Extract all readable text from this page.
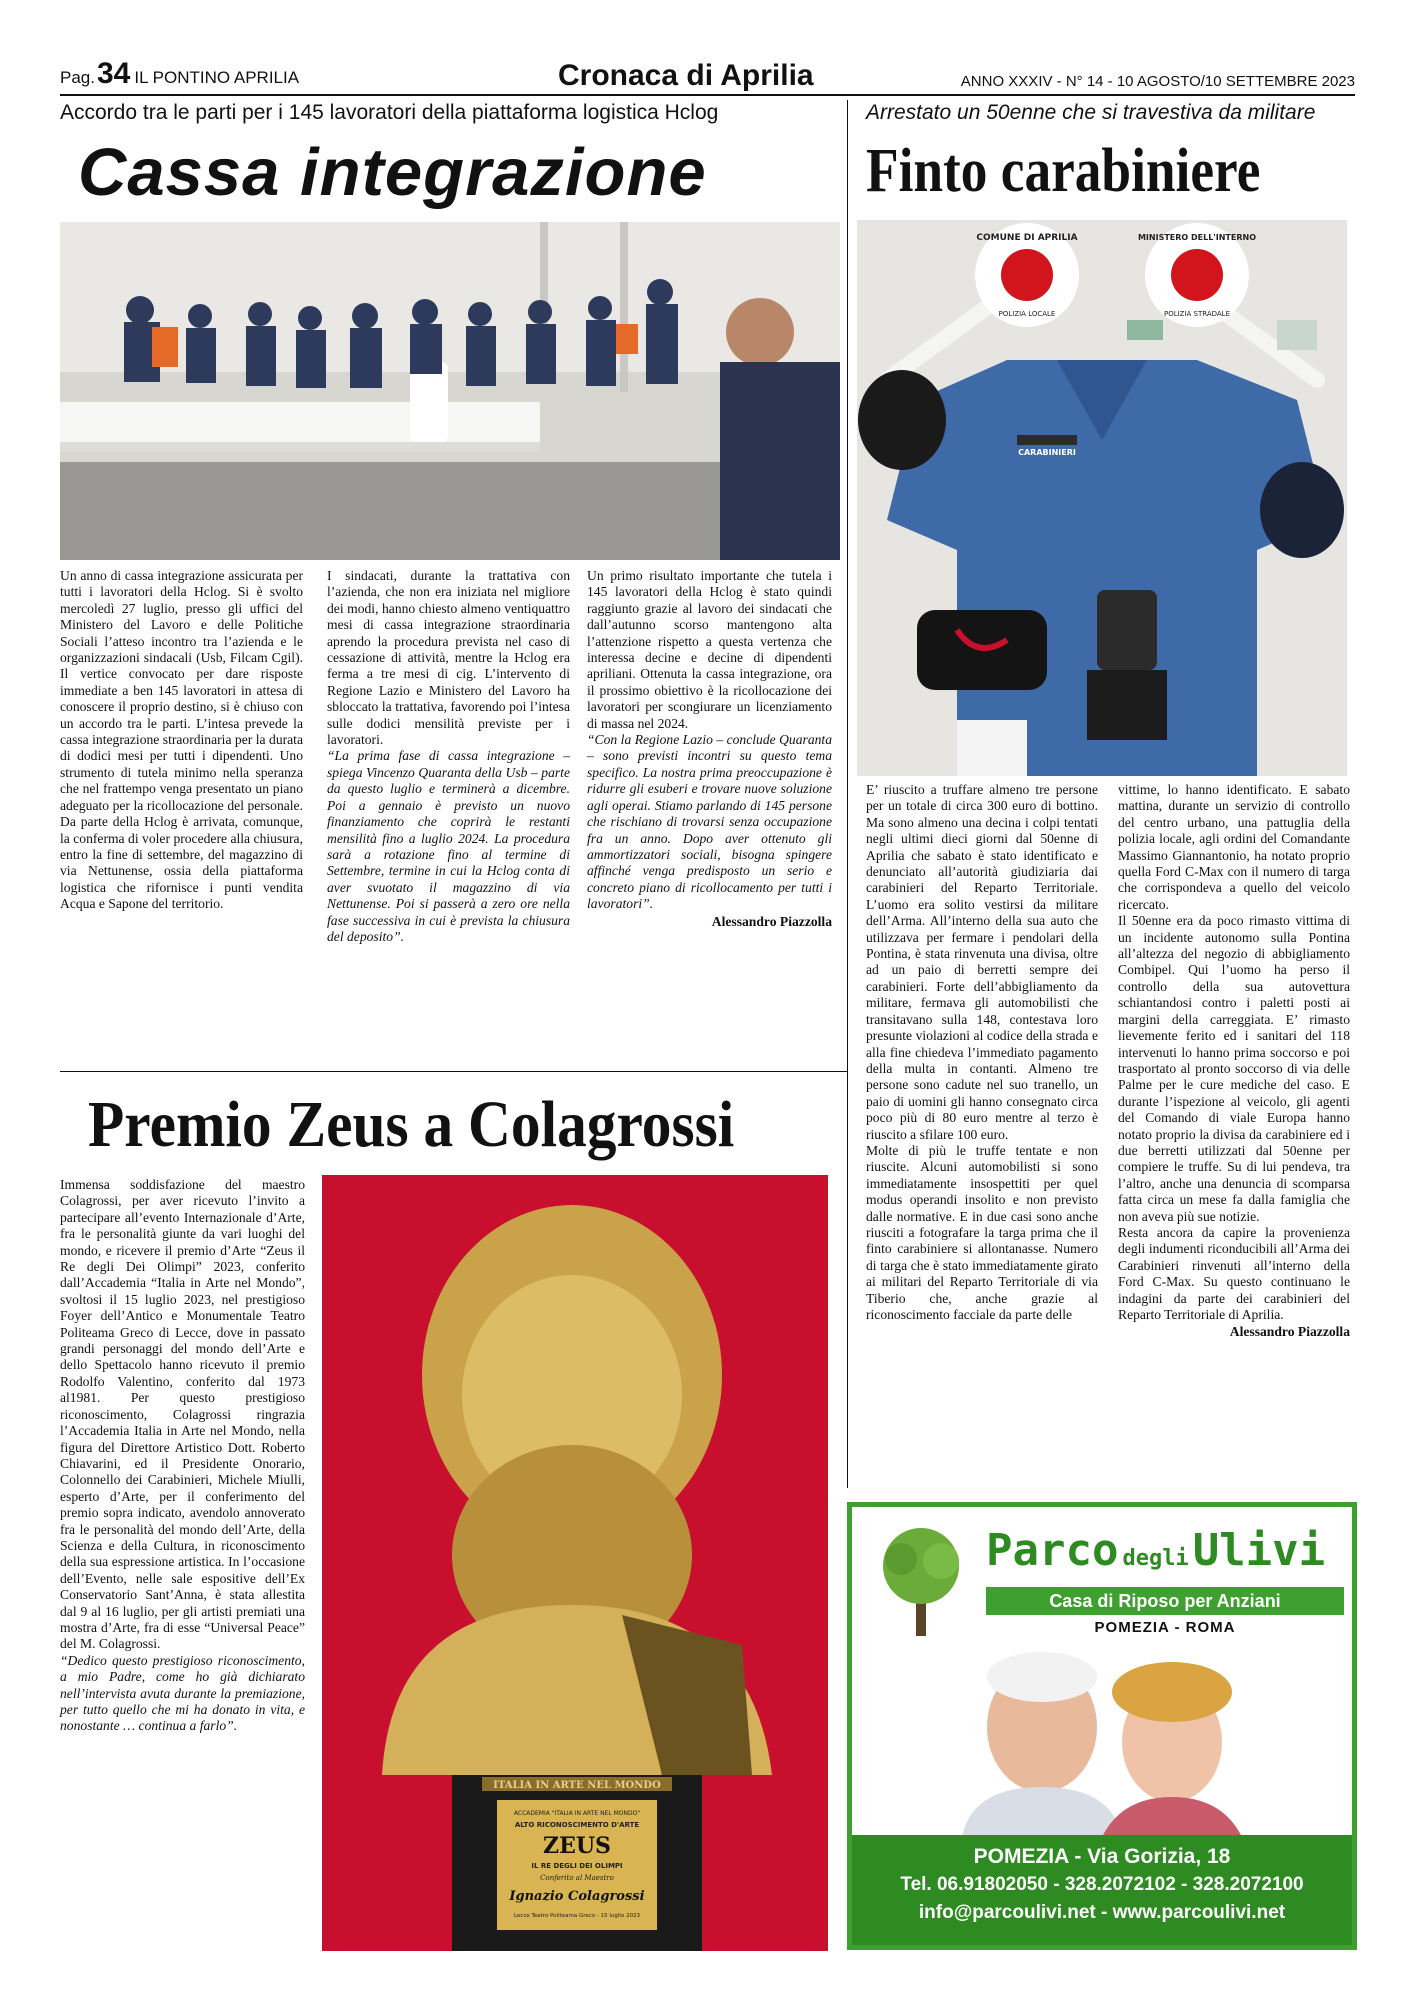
Pag.34 IL PONTINO APRILIA	Cronaca di Aprilia	ANNO XXXIV - N° 14 - 10 AGOSTO/10 SETTEMBRE 2023
Accordo tra le parti per i 145 lavoratori della piattaforma logistica Hclog
Cassa integrazione

Un anno di cassa integrazione assicurata per tutti i lavoratori della Hclog. Si è svolto mercoledì 27 luglio, presso gli uffici del Ministero del Lavoro e delle Politiche Sociali l’atteso incontro tra l’azienda e le organizzazioni sindacali (Usb, Filcam Cgil). Il vertice convocato per dare risposte immediate a ben 145 lavoratori in attesa di conoscere il proprio destino, si è chiuso con un accordo tra le parti. L’intesa prevede la cassa integrazione straordinaria per la durata di dodici mesi per tutti i dipendenti. Uno strumento di tutela minimo nella speranza che nel frattempo venga presentato un piano adeguato per la ricollocazione del personale. Da parte della Hclog è arrivata, comunque, la conferma di voler procedere alla chiusura, entro la fine di settembre, del magazzino di via Nettunense, ossia della piattaforma logistica che rifornisce i punti vendita Acqua e Sapone del territorio.

I sindacati, durante la trattativa con l’azienda, che non era iniziata nel migliore dei modi, hanno chiesto almeno ventiquattro mesi di cassa integrazione straordinaria aprendo la procedura prevista nel caso di cessazione di attività, mentre la Hclog era ferma a tre mesi di cig. L’intervento di Regione Lazio e Ministero del Lavoro ha sbloccato la trattativa, favorendo poi l’intesa sulle dodici mensilità previste per i lavoratori.

“La prima fase di cassa integrazione – spiega Vincenzo Quaranta della Usb – parte da questo luglio e terminerà a dicembre. Poi a gennaio è previsto un nuovo finanziamento che coprirà le restanti mensilità fino a luglio 2024. La procedura sarà a rotazione fino al termine di Settembre, termine in cui la Hclog conta di aver svuotato il magazzino di via Nettunense. Poi si passerà a zero ore nella fase successiva in cui è prevista la chiusura del deposito”.

Un primo risultato importante che tutela i 145 lavoratori della Hclog è stato quindi raggiunto grazie al lavoro dei sindacati che dall’autunno scorso mantengono alta l’attenzione rispetto a questa vertenza che interessa decine e decine di dipendenti apriliani. Ottenuta la cassa integrazione, ora il prossimo obiettivo è la ricollocazione dei lavoratori per scongiurare un licenziamento di massa nel 2024.

“Con la Regione Lazio – conclude Quaranta – sono previsti incontri su questo tema specifico. La nostra prima preoccupazione è ridurre gli esuberi e trovare nuove soluzione agli operai. Stiamo parlando di 145 persone che rischiano di trovarsi senza occupazione fra un anno. Dopo aver ottenuto gli ammortizzatori sociali, bisogna spingere affinché venga predisposto un serio e concreto piano di ricollocamento per tutti i lavoratori”.

Alessandro Piazzolla
Arrestato un 50enne che si travestiva da militare
Finto carabiniere
COMUNE DI APRILIA
POLIZIA LOCALE
MINISTERO DELL'INTERNO
POLIZIA STRADALE
CARABINIERI

E’ riuscito a truffare almeno tre persone per un totale di circa 300 euro di bottino. Ma sono almeno una decina i colpi tentati negli ultimi dieci giorni dal 50enne di Aprilia che sabato è stato identificato e denunciato all’autorità giudiziaria dai carabinieri del Reparto Territoriale. L’uomo era solito vestirsi da militare dell’Arma. All’interno della sua auto che utilizzava per fermare i pendolari della Pontina, è stata rinvenuta una divisa, oltre ad un paio di berretti sempre dei carabinieri. Forte dell’abbigliamento da militare, fermava gli automobilisti che transitavano sulla 148, contestava loro presunte violazioni al codice della strada e alla fine chiedeva l’immediato pagamento della multa in contanti. Almeno tre persone sono cadute nel suo tranello, un paio di uomini gli hanno consegnato circa poco più di 80 euro mentre al terzo è riuscito a sfilare 100 euro.

Molte di più le truffe tentate e non riuscite. Alcuni automobilisti si sono immediatamente insospettiti per quel modus operandi insolito e non previsto dalle normative. E in due casi sono anche riusciti a fotografare la targa prima che il finto carabiniere si allontanasse. Numero di targa che è stato immediatamente girato ai militari del Reparto Territoriale di via Tiberio che, anche grazie al riconoscimento facciale da parte delle

vittime, lo hanno identificato. E sabato mattina, durante un servizio di controllo del centro urbano, una pattuglia della polizia locale, agli ordini del Comandante Massimo Giannantonio, ha notato proprio quella Ford C-Max con il numero di targa che corrispondeva a quello del veicolo ricercato.

Il 50enne era da poco rimasto vittima di un incidente autonomo sulla Pontina all’altezza del negozio di abbigliamento Combipel. Qui l’uomo ha perso il controllo della sua autovettura schiantandosi contro i paletti posti ai margini della carreggiata. E’ rimasto lievemente ferito ed i sanitari del 118 intervenuti lo hanno prima soccorso e poi trasportato al pronto soccorso di via delle Palme per le cure mediche del caso. E durante l’ispezione al veicolo, gli agenti del Comando di viale Europa hanno notato proprio la divisa da carabiniere ed i due berretti utilizzati dal 50enne per compiere le truffe. Su di lui pendeva, tra l’altro, anche una denuncia di scomparsa fatta circa un mese fa dalla famiglia che non aveva più sue notizie.

Resta ancora da capire la provenienza degli indumenti riconducibili all’Arma dei Carabinieri rinvenuti all’interno della Ford C-Max. Su questo continuano le indagini da parte dei carabinieri del Reparto Territoriale di Aprilia.

Alessandro Piazzolla
Premio Zeus a Colagrossi

Immensa soddisfazione del maestro Colagrossi, per aver ricevuto l’invito a partecipare all’evento Internazionale d’Arte, fra le personalità giunte da vari luoghi del mondo, e ricevere il premio d’Arte “Zeus il Re degli Dei Olimpi” 2023, conferito dall’Accademia “Italia in Arte nel Mondo”, svoltosi il 15 luglio 2023, nel prestigioso Foyer dell’Antico e Monumentale Teatro Politeama Greco di Lecce, dove in passato grandi personaggi del mondo dell’Arte e dello Spettacolo hanno ricevuto il premio Rodolfo Valentino, conferito dal 1973 al1981. Per questo prestigioso riconoscimento, Colagrossi ringrazia l’Accademia Italia in Arte nel Mondo, nella figura del Direttore Artistico Dott. Roberto Chiavarini, ed il Presidente Onorario, Colonnello dei Carabinieri, Michele Miulli, esperto d’Arte, per il conferimento del premio sopra indicato, avendolo annoverato fra le personalità del mondo dell’Arte, della Scienza e della Cultura, in riconoscimento della sua espressione artistica. In l’occasione dell’Evento, nelle sale espositive dell’Ex Conservatorio Sant’Anna, è stata allestita dal 9 al 16 luglio, per gli artisti premiati una mostra d’Arte, fra di esse “Universal Peace” del M. Colagrossi.

“Dedico questo prestigioso riconoscimento, a mio Padre, come ho già dichiarato nell’intervista avuta durante la premiazione, per tutto quello che mi ha donato in vita, e nonostante … continua a farlo”.

ITALIA IN ARTE NEL MONDO
ACCADEMIA "ITALIA IN ARTE NEL MONDO"
ALTO RICONOSCIMENTO D'ARTE
ZEUS
IL RE DEGLI DEI OLIMPI
Conferito al Maestro
Ignazio Colagrossi
Lecce Teatro Politeama Greco - 15 luglio 2023
Parco degliUlivi
Casa di Riposo per Anziani
POMEZIA - ROMA
POMEZIA - Via Gorizia, 18
Tel. 06.91802050 - 328.2072102 - 328.2072100
info@parcoulivi.net - www.parcoulivi.net
